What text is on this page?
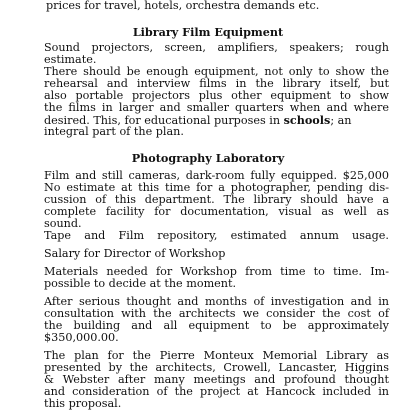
prices for travel, hotels, orchestra demands etc.
Library Film Equipment
Sound projectors, screen, amplifiers, speakers; rough
estimate.
There should be enough equipment, not only to show the
rehearsal and interview films in the library itself, but
also portable projectors plus other equipment to show
the films in larger and smaller quarters when and where
desired. This, for educational purposes in schools; an
integral part of the plan.
Photography Laboratory
Film and still cameras, dark-room fully equipped. $25,000
No estimate at this time for a photographer, pending dis-
cussion of this department. The library should have a
complete facility for documentation, visual as well as
sound.
Tape and Film repository, estimated annum usage.
Salary for Director of Workshop
Materials needed for Workshop from time to time. Im-
possible to decide at the moment.
After serious thought and months of investigation and in
consultation with the architects we consider the cost of
the building and all equipment to be approximately
$350,000.00.
The plan for the Pierre Monteux Memorial Library as
presented by the architects, Crowell, Lancaster, Higgins
& Webster after many meetings and profound thought
and consideration of the project at Hancock included in
this proposal.
